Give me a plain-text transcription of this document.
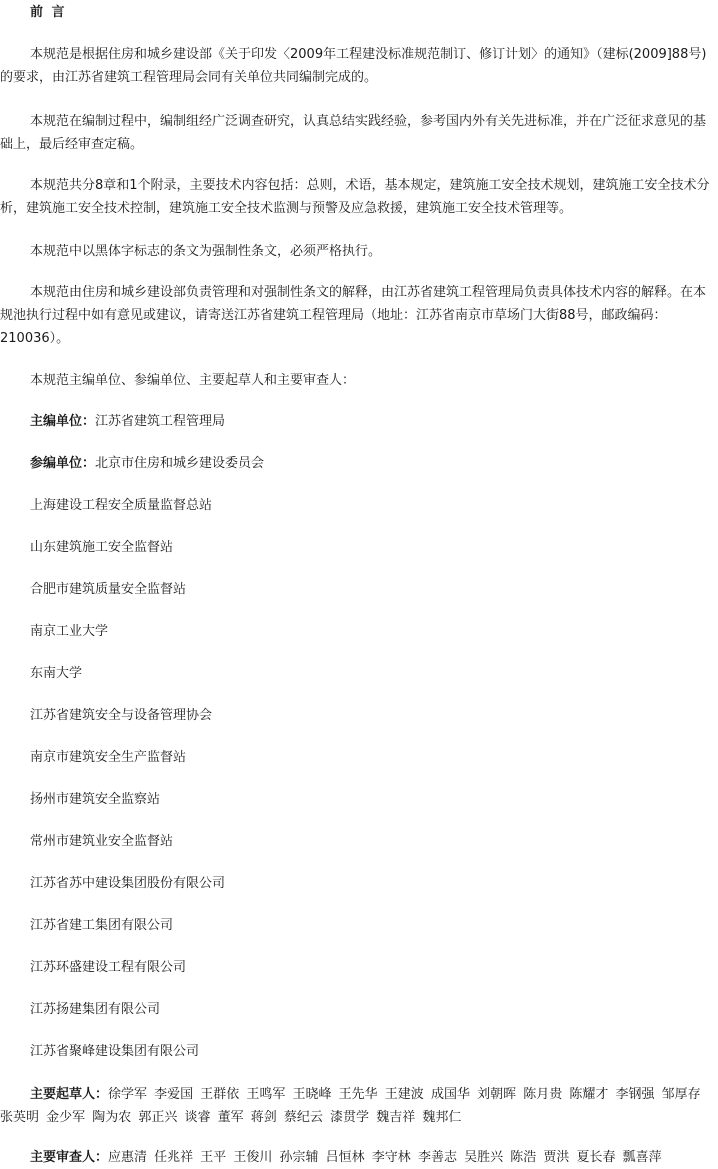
前 言

本规范是根据住房和城乡建设部《关于印发〈2009年工程建没标准规范制订、修订计划〉的通知》（建标(2009]88号)的要求，由江苏省建筑工程管理局会同有关单位共同编制完成的。

本规范在编制过程中，编制组经广泛调查研究，认真总结实践经验，参考国内外有关先进标准，并在广泛征求意见的基础上，最后经审查定稿。

本规范共分8章和1个附录，主要技术内容包括：总则，术语，基本规定，建筑施工安全技术规划，建筑施工安全技术分析，建筑施工安全技术控制，建筑施工安全技术监测与预警及应急救援，建筑施工安全技术管理等。

本规范中以黑体字标志的条文为强制性条文，必须严格执行。

本规范由住房和城乡建设部负责管理和对强制性条文的解释，由江苏省建筑工程管理局负责具体技术内容的解释。在本规池执行过程中如有意见或建议，请寄送江苏省建筑工程管理局（地址：江苏省南京市草场门大街88号，邮政编码：210036）。

本规范主编单位、参编单位、主要起草人和主要审查人：

主编单位：江苏省建筑工程管理局

参编单位：北京市住房和城乡建设委员会

上海建设工程安全质量监督总站

山东建筑施工安全监督站

合肥市建筑质量安全监督站

南京工业大学

东南大学

江苏省建筑安全与设备管理协会

南京市建筑安全生产监督站

扬州市建筑安全监察站

常州市建筑业安全监督站

江苏省苏中建设集团股份有限公司

江苏省建工集团有限公司

江苏环盛建设工程有限公司

江苏扬建集团有限公司

江苏省聚峰建设集团有限公司

主要起草人：徐学军 李爱国 王群依 王鸣军 王晓峰 王先华 王建波 成国华 刘朝晖 陈月贵 陈耀才 李钢强 邹厚存 张英明 金少军 陶为农 郭正兴 谈睿 董军 蒋剑 蔡纪云 漆贯学 魏吉祥 魏邦仁

主要审查人：应惠清 任兆祥 王平 王俊川 孙宗辅 吕恒林 李守林 李善志 吴胜兴 陈浩 贾洪 夏长春 瓢喜萍
